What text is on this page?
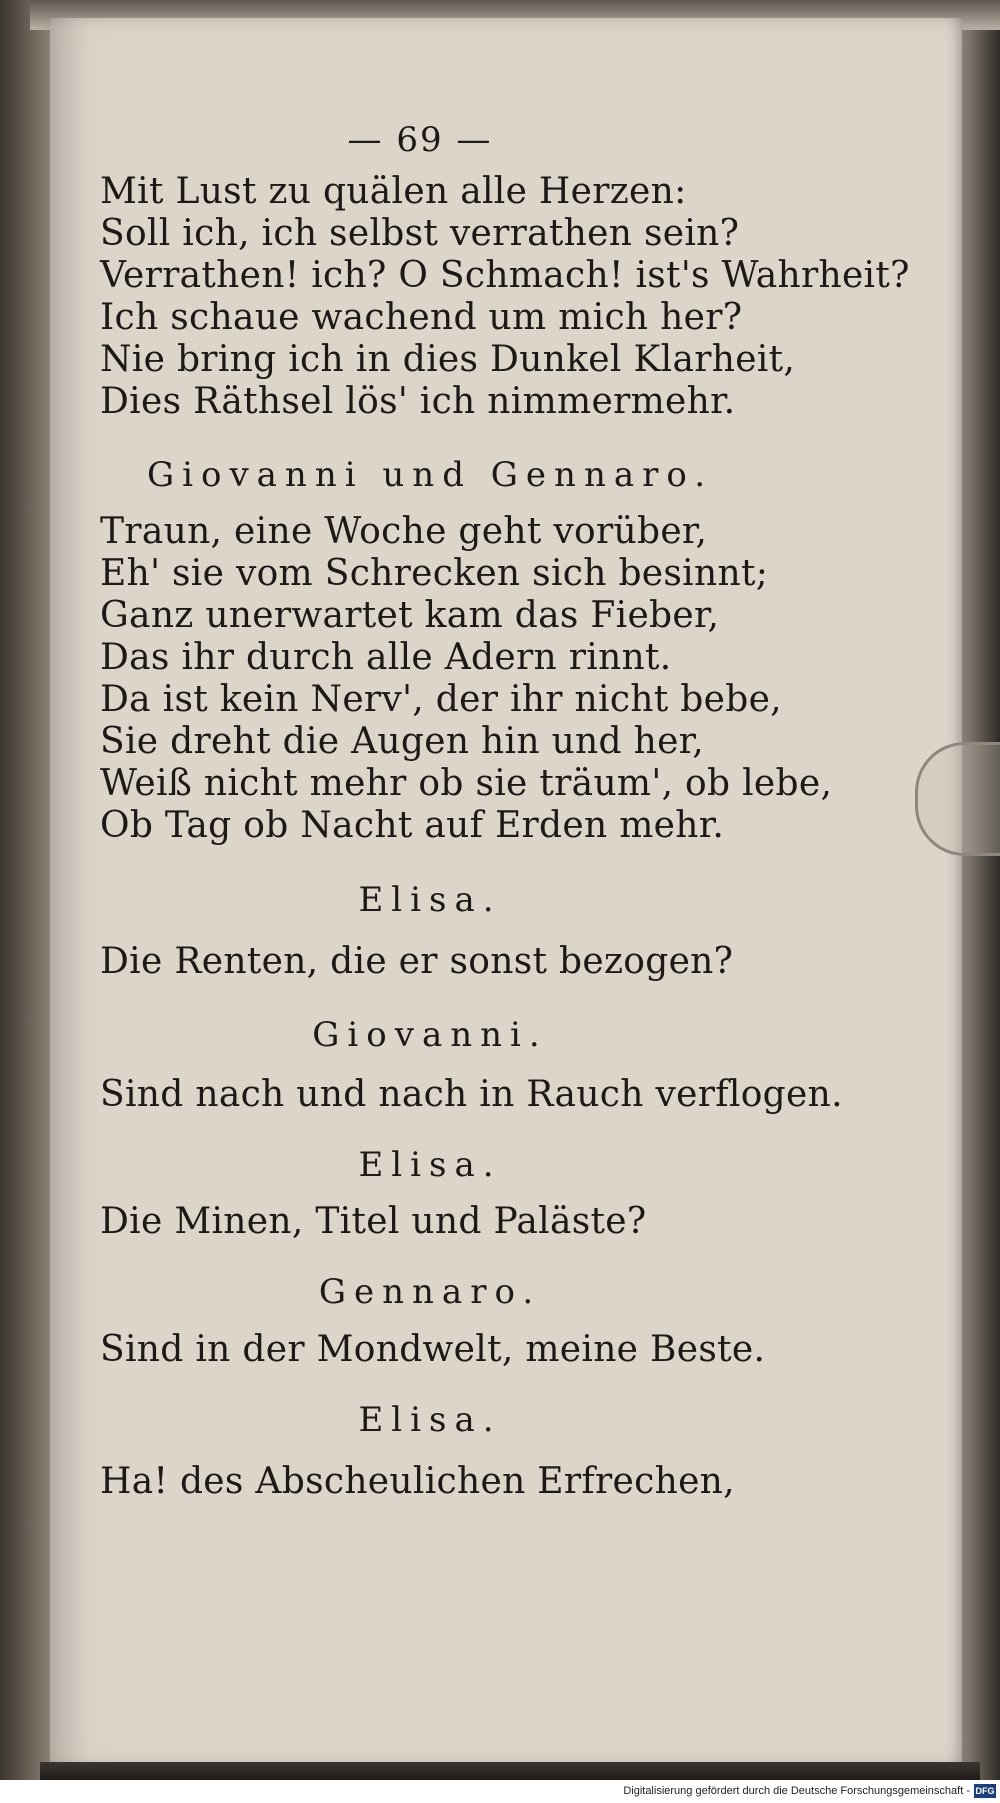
— 69 —
Mit Lust zu quälen alle Herzen:
Soll ich, ich selbst verrathen sein?
Verrathen! ich? O Schmach! ist's Wahrheit?
Ich schaue wachend um mich her?
Nie bring ich in dies Dunkel Klarheit,
Dies Räthsel lös' ich nimmermehr.
Giovanni und Gennaro.
Traun, eine Woche geht vorüber,
Eh' sie vom Schrecken sich besinnt;
Ganz unerwartet kam das Fieber,
Das ihr durch alle Adern rinnt.
Da ist kein Nerv', der ihr nicht bebe,
Sie dreht die Augen hin und her,
Weiß nicht mehr ob sie träum', ob lebe,
Ob Tag ob Nacht auf Erden mehr.
Elisa.
Die Renten, die er sonst bezogen?
Giovanni.
Sind nach und nach in Rauch verflogen.
Elisa.
Die Minen, Titel und Paläste?
Gennaro.
Sind in der Mondwelt, meine Beste.
Elisa.
Ha! des Abscheulichen Erfrechen,
Digitalisierung gefördert durch die Deutsche Forschungsgemeinschaft - DFG
